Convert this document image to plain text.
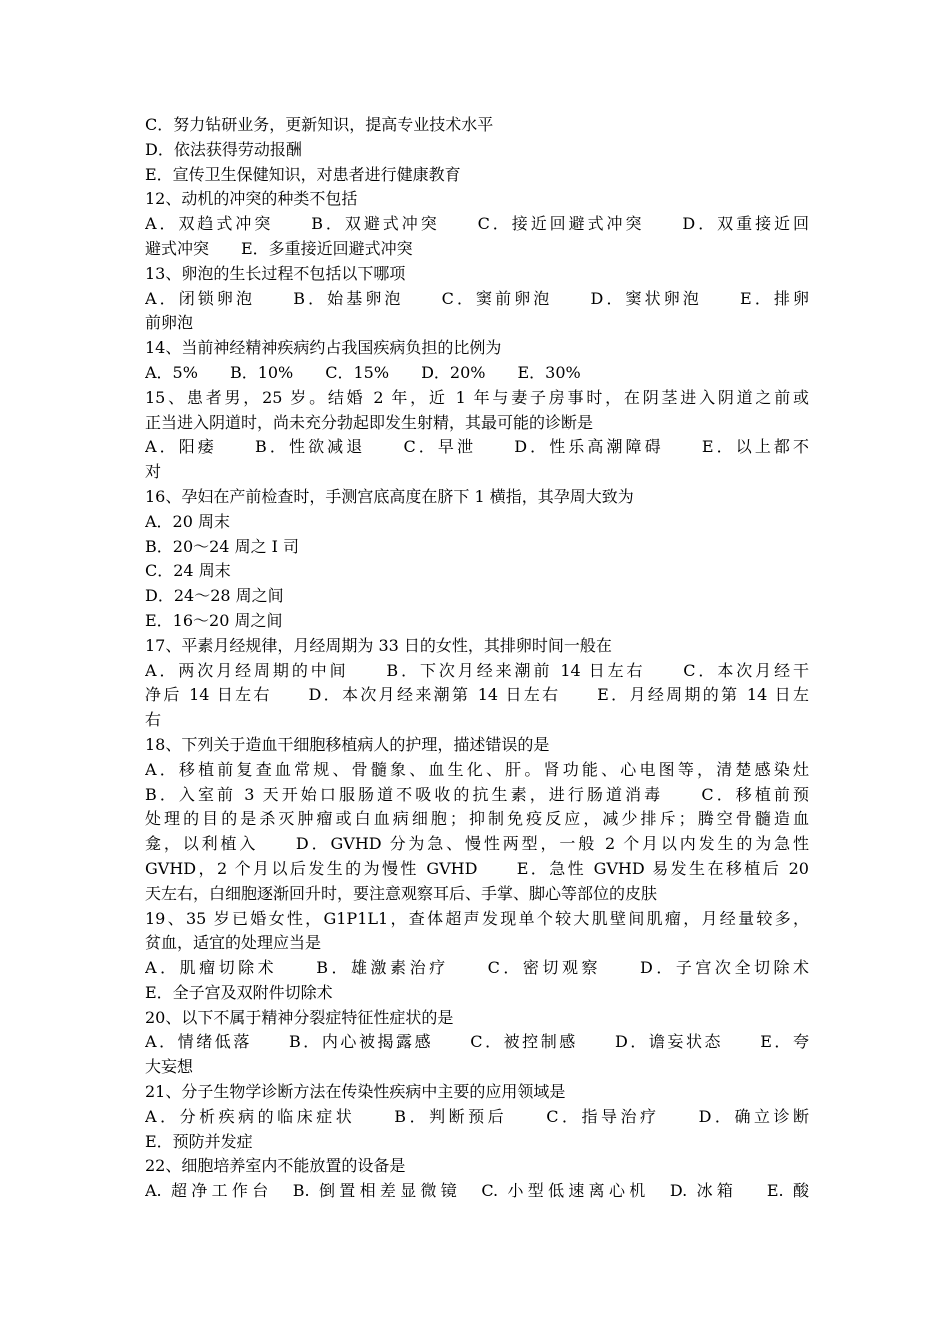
C．努力钻研业务，更新知识，提高专业技术水平
D．依法获得劳动报酬
E．宣传卫生保健知识，对患者进行健康教育
12、动机的冲突的种类不包括
A．双趋式冲突　　B．双避式冲突　　C．接近回避式冲突　　D．双重接近回
避式冲突　　E．多重接近回避式冲突
13、卵泡的生长过程不包括以下哪项
A．闭锁卵泡　　B．始基卵泡　　C．窦前卵泡　　D．窦状卵泡　　E．排卵
前卵泡
14、当前神经精神疾病约占我国疾病负担的比例为
A．5%　　B．10%　　C．15%　　D．20%　　E．30%
15、患者男，25 岁。结婚 2 年，近 1 年与妻子房事时，在阴茎进入阴道之前或
正当进入阴道时，尚未充分勃起即发生射精，其最可能的诊断是
A．阳痿　　B．性欲减退　　C．早泄　　D．性乐高潮障碍　　E．以上都不
对
16、孕妇在产前检查时，手测宫底高度在脐下 1 横指，其孕周大致为
A．20 周末
B．20～24 周之 I 司
C．24 周末
D．24～28 周之间
E．16～20 周之间
17、平素月经规律，月经周期为 33 日的女性，其排卵时间一般在
A．两次月经周期的中间　　B．下次月经来潮前 14 日左右　　C．本次月经干
净后 14 日左右　　D．本次月经来潮第 14 日左右　　E．月经周期的第 14 日左
右
18、下列关于造血干细胞移植病人的护理，描述错误的是
A．移植前复查血常规、骨髓象、血生化、肝。肾功能、心电图等，清楚感染灶
B．入室前 3 天开始口服肠道不吸收的抗生素，进行肠道消毒　　C．移植前预
处理的目的是杀灭肿瘤或白血病细胞；抑制免疫反应，减少排斥；腾空骨髓造血
龛，以利植入　　D．GVHD 分为急、慢性两型，一般 2 个月以内发生的为急性
GVHD，2 个月以后发生的为慢性 GVHD　　E．急性 GVHD 易发生在移植后 20
天左右，白细胞逐渐回升时，要注意观察耳后、手掌、脚心等部位的皮肤
19、35 岁已婚女性，G1P1L1，查体超声发现单个较大肌壁间肌瘤，月经量较多，
贫血，适宜的处理应当是
A．肌瘤切除术　　B．雄激素治疗　　C．密切观察　　D．子宫次全切除术
E．全子宫及双附件切除术
20、以下不属于精神分裂症特征性症状的是
A．情绪低落　　B．内心被揭露感　　C．被控制感　　D．谵妄状态　　E．夸
大妄想
21、分子生物学诊断方法在传染性疾病中主要的应用领域是
A．分析疾病的临床症状　　B．判断预后　　C．指导治疗　　D．确立诊断
E．预防并发症
22、细胞培养室内不能放置的设备是
A. 超净工作台　B. 倒置相差显微镜　C. 小型低速离心机　D. 冰箱　 E. 酸
